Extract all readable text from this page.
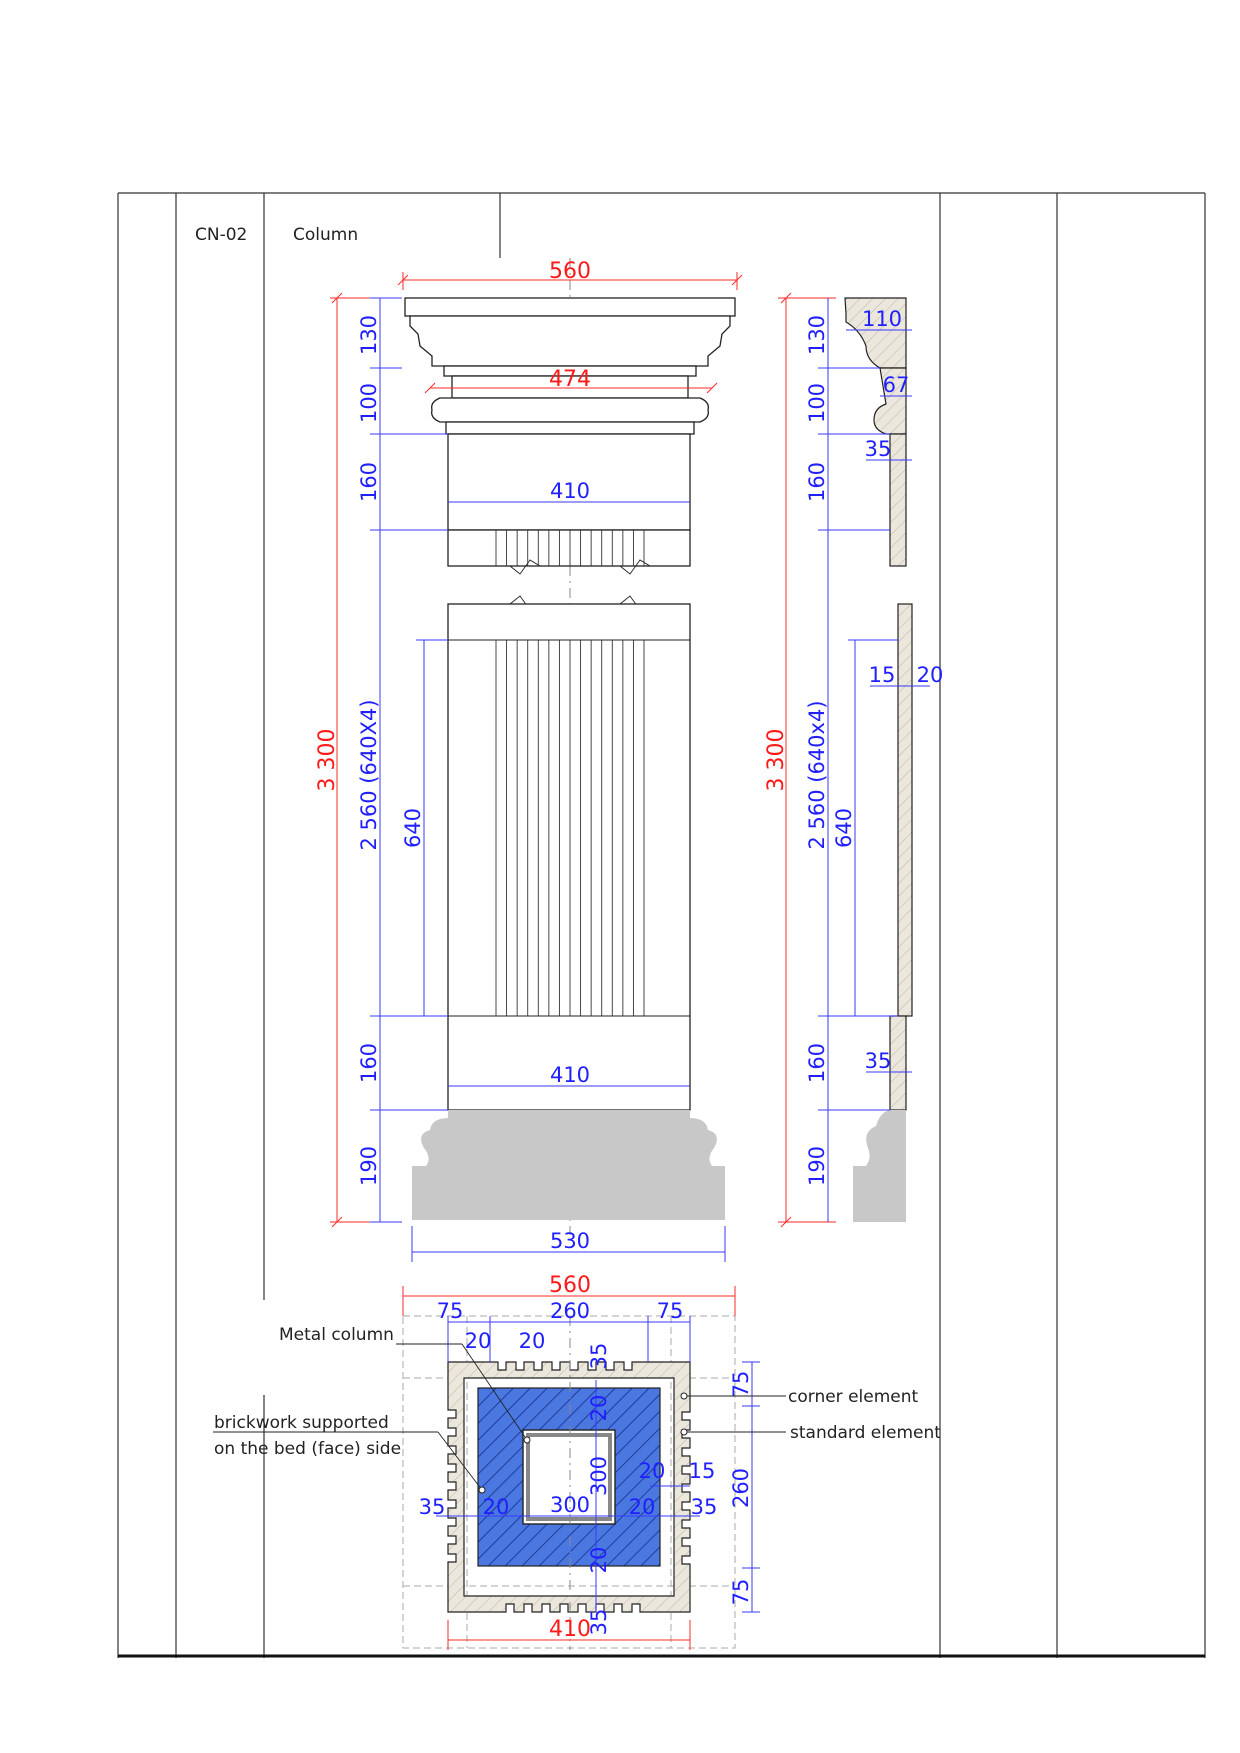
CN-02	Column
560
474
3 300
130
100
160	410
2 560 (640X4) 640
160	410
190
530
3 300
130 110
100	67
160
35
15 20
2 560 (640x4) 640
160 35
190
560
410
75	260	75
20 20
35
20
300
300
20 15
35 20	20 35
20
35
75
260
75
Metal column
corner element
standard element
brickwork supported
on the bed (face) side
